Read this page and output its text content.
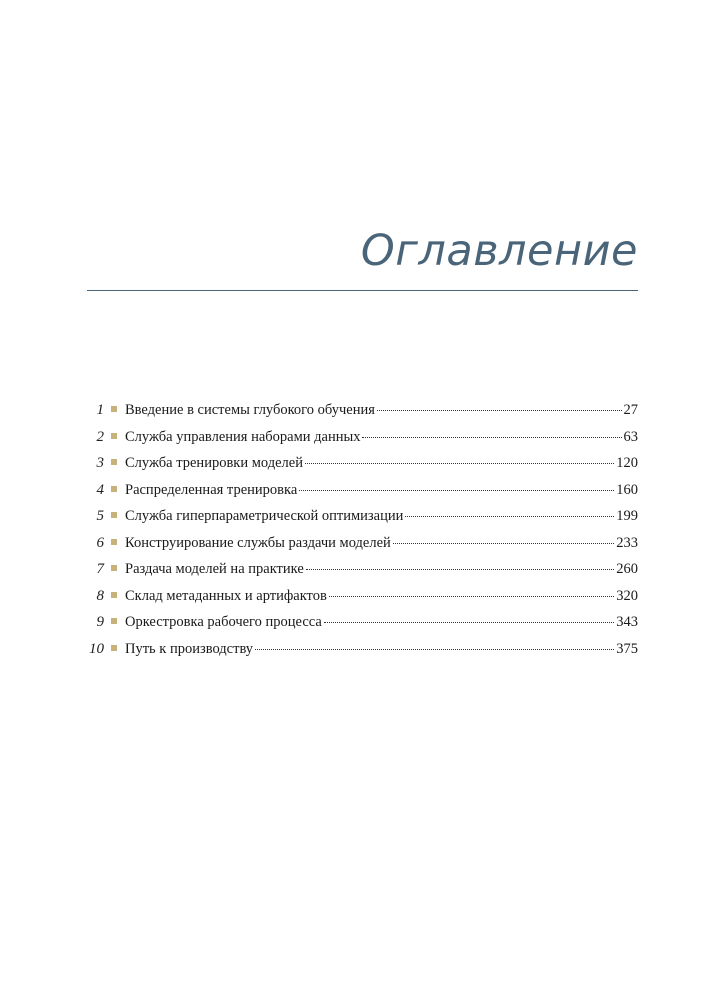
Оглавление
1 Введение в системы глубокого обучения	27
2 Служба управления наборами данных	63
3 Служба тренировки моделей	120
4 Распределенная тренировка	160
5 Служба гиперпараметрической оптимизации	199
6 Конструирование службы раздачи моделей	233
7 Раздача моделей на практике	260
8 Склад метаданных и артифактов	320
9 Оркестровка рабочего процесса	343
10 Путь к производству	375
